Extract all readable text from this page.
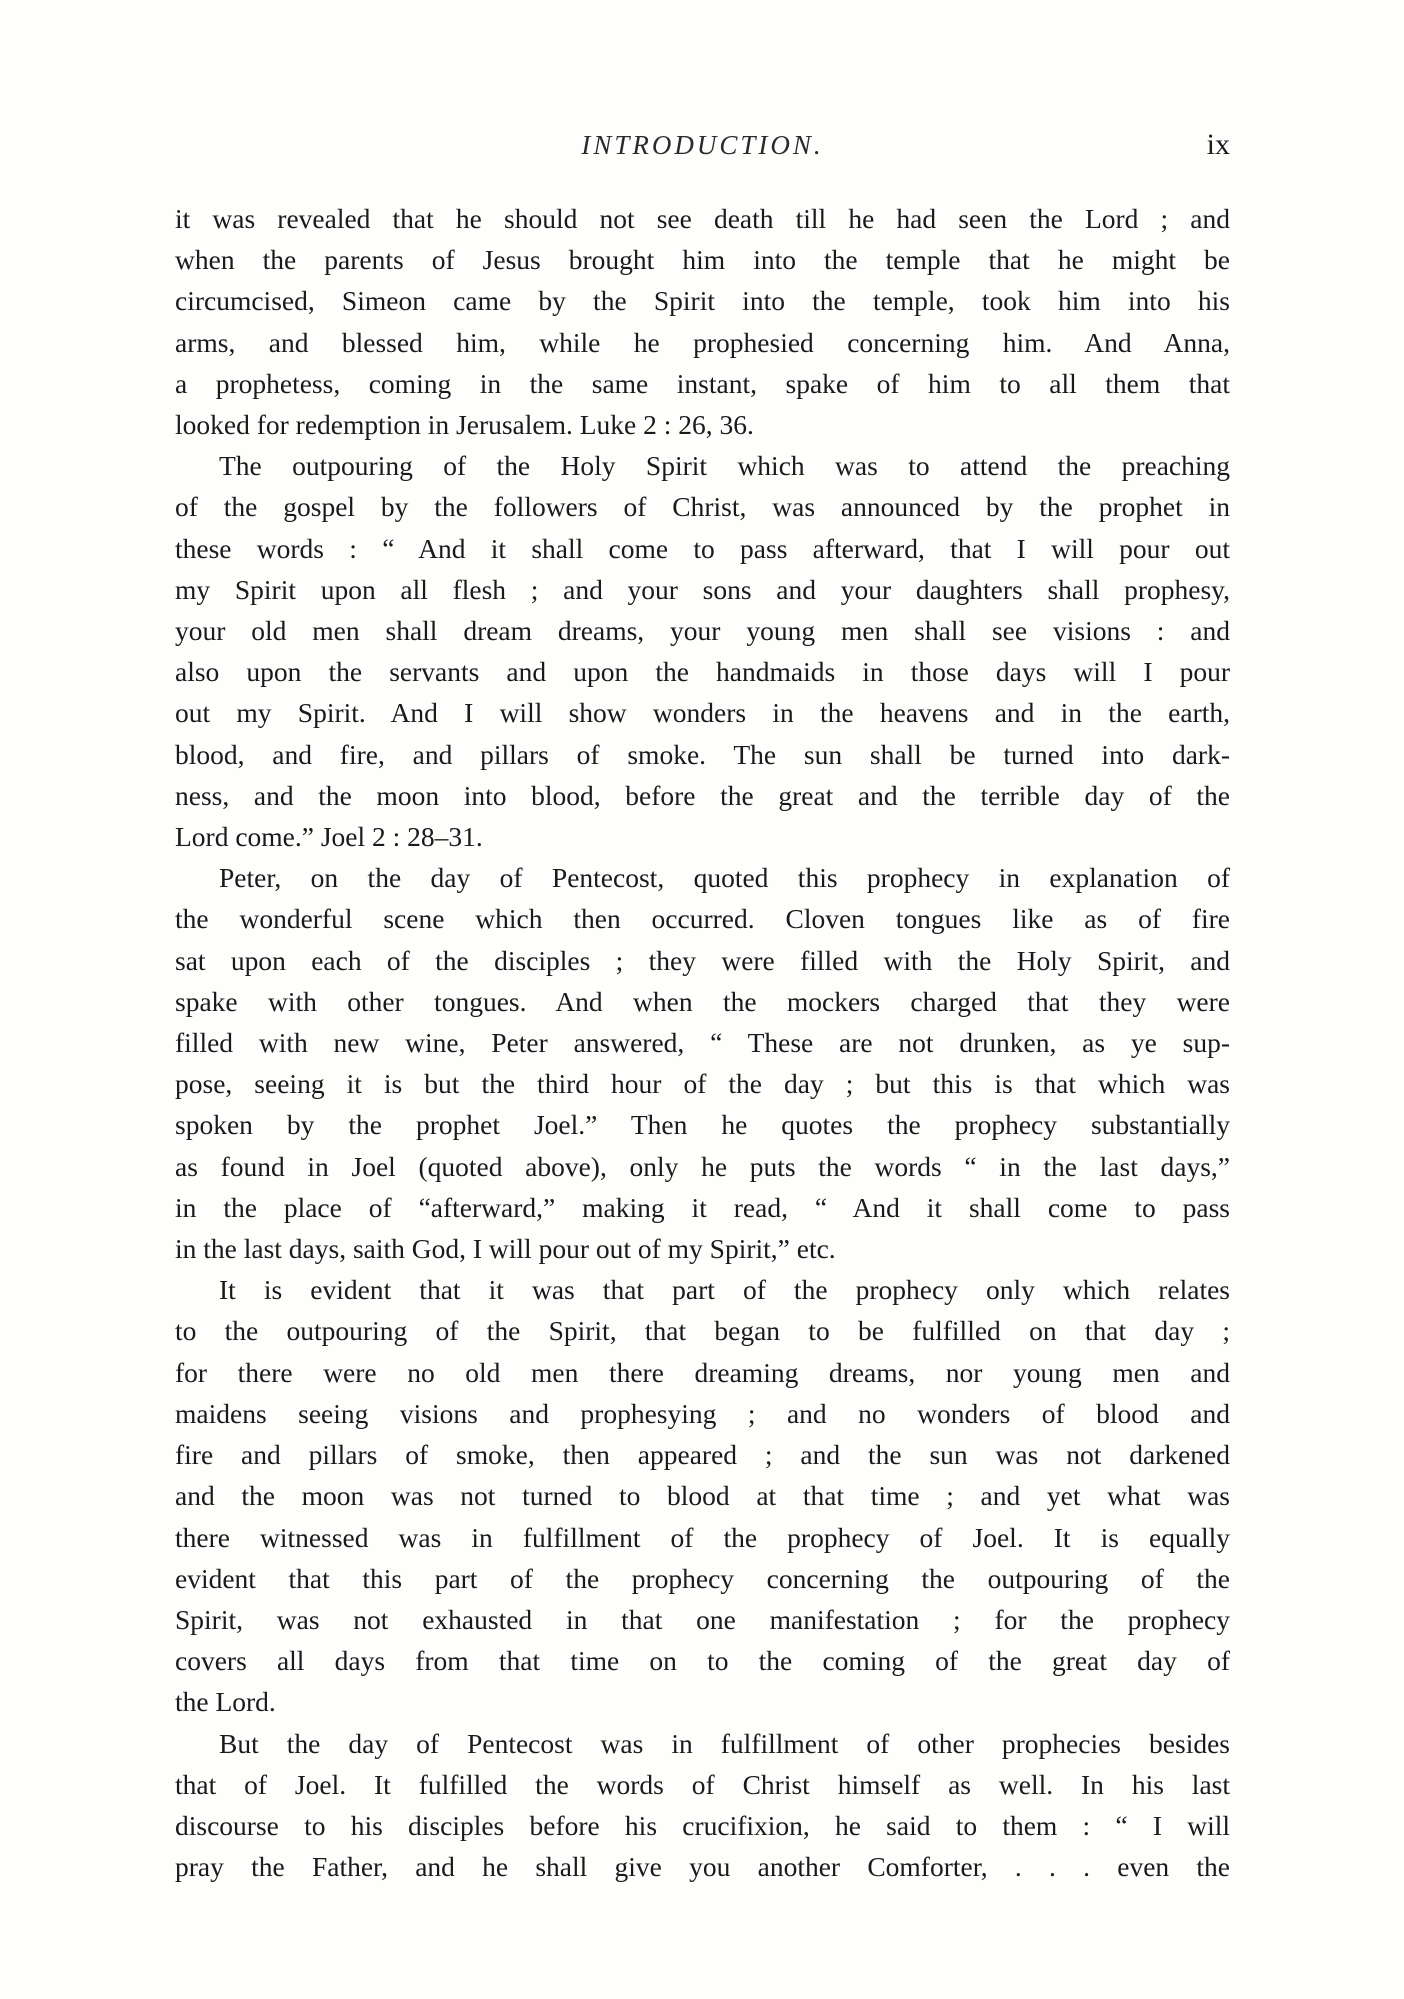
INTRODUCTION.	ix
it was revealed that he should not see death till he had seen the Lord ; and
when the parents of Jesus brought him into the temple that he might be
circumcised, Simeon came by the Spirit into the temple, took him into his
arms, and blessed him, while he prophesied concerning him. And Anna,
a prophetess, coming in the same instant, spake of him to all them that
looked for redemption in Jerusalem. Luke 2 : 26, 36.
The outpouring of the Holy Spirit which was to attend the preaching
of the gospel by the followers of Christ, was announced by the prophet in
these words : “ And it shall come to pass afterward, that I will pour out
my Spirit upon all flesh ; and your sons and your daughters shall prophesy,
your old men shall dream dreams, your young men shall see visions : and
also upon the servants and upon the handmaids in those days will I pour
out my Spirit. And I will show wonders in the heavens and in the earth,
blood, and fire, and pillars of smoke. The sun shall be turned into dark-
ness, and the moon into blood, before the great and the terrible day of the
Lord come.” Joel 2 : 28–31.
Peter, on the day of Pentecost, quoted this prophecy in explanation of
the wonderful scene which then occurred. Cloven tongues like as of fire
sat upon each of the disciples ; they were filled with the Holy Spirit, and
spake with other tongues. And when the mockers charged that they were
filled with new wine, Peter answered, “ These are not drunken, as ye sup-
pose, seeing it is but the third hour of the day ; but this is that which was
spoken by the prophet Joel.” Then he quotes the prophecy substantially
as found in Joel (quoted above), only he puts the words “ in the last days,”
in the place of “afterward,” making it read, “ And it shall come to pass
in the last days, saith God, I will pour out of my Spirit,” etc.
It is evident that it was that part of the prophecy only which relates
to the outpouring of the Spirit, that began to be fulfilled on that day ;
for there were no old men there dreaming dreams, nor young men and
maidens seeing visions and prophesying ; and no wonders of blood and
fire and pillars of smoke, then appeared ; and the sun was not darkened
and the moon was not turned to blood at that time ; and yet what was
there witnessed was in fulfillment of the prophecy of Joel. It is equally
evident that this part of the prophecy concerning the outpouring of the
Spirit, was not exhausted in that one manifestation ; for the prophecy
covers all days from that time on to the coming of the great day of
the Lord.
But the day of Pentecost was in fulfillment of other prophecies besides
that of Joel. It fulfilled the words of Christ himself as well. In his last
discourse to his disciples before his crucifixion, he said to them : “ I will
pray the Father, and he shall give you another Comforter, . . . even the
